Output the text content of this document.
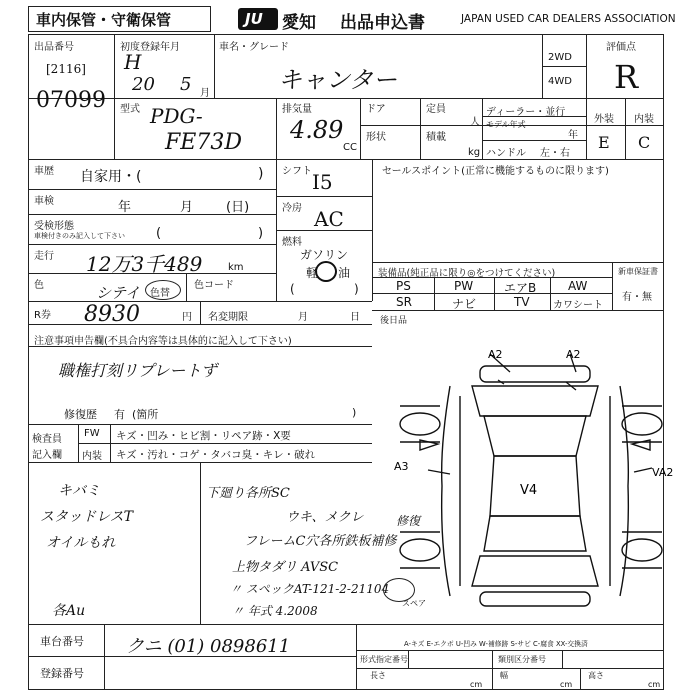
車内保管・守衛保管	JU 愛知 出品申込書	JAPAN USED CAR DEALERS ASSOCIATION
出品番号
[2116]
07099
初度登録年月
H
20 5 月
車名・グレード
キャンター
2WD
4WD
評価点
R
外装 内装
E C
型式 PDG-
FE73D
排気量
4.89
CC
ドア	定員
人
形状	積載
kg
ディーラー・並行
モデル年式
年
ハンドル 左・右
車歴 自家用・(	)
車検	年	月	(日)
受検形態
車検付きのみ記入して下さい (	)
走行 12万3千489	km
色	シテイ 色替
色コード
シフト I5
冷房 AC
燃料
ガソリン
軽 油
(	)
セールスポイント(正常に機能するものに限ります)
装備品(純正品に限り◎をつけてください)
PS	PW	エアB	AW
SR	ナビ	TV カワシート
新車保証書
有・無
R券 8930	円 名変期限	月	日 後日品
注意事項申告欄(不具合内容等は具体的に記入して下さい)
職権打刻リプレートず
修復歴 有 (箇所	)
検査員
記入欄
FW キズ・凹み・ヒビ割・リペア跡・X要
内装 キズ・汚れ・コゲ・タバコ臭・キレ・破れ
キバミ
スタッドレスT
オイルもれ
各Au
下廻り各所SC
ウキ、メクレ	修復
フレームC穴各所鉄板補修
上物タダリ AVSC
〃 スペックAT-121-2-21104
〃 年式 4.2008
スペア
A2	A2
A3	VA2
V4
A-キズ E-エクボ U-凹み W-補修跡 S-サビ C-腐食 XX-交換済
車台番号 クニ (01) 0898611
登録番号
形式指定番号	類別区分番号
長さ
cm
幅
cm
高さ
cm
